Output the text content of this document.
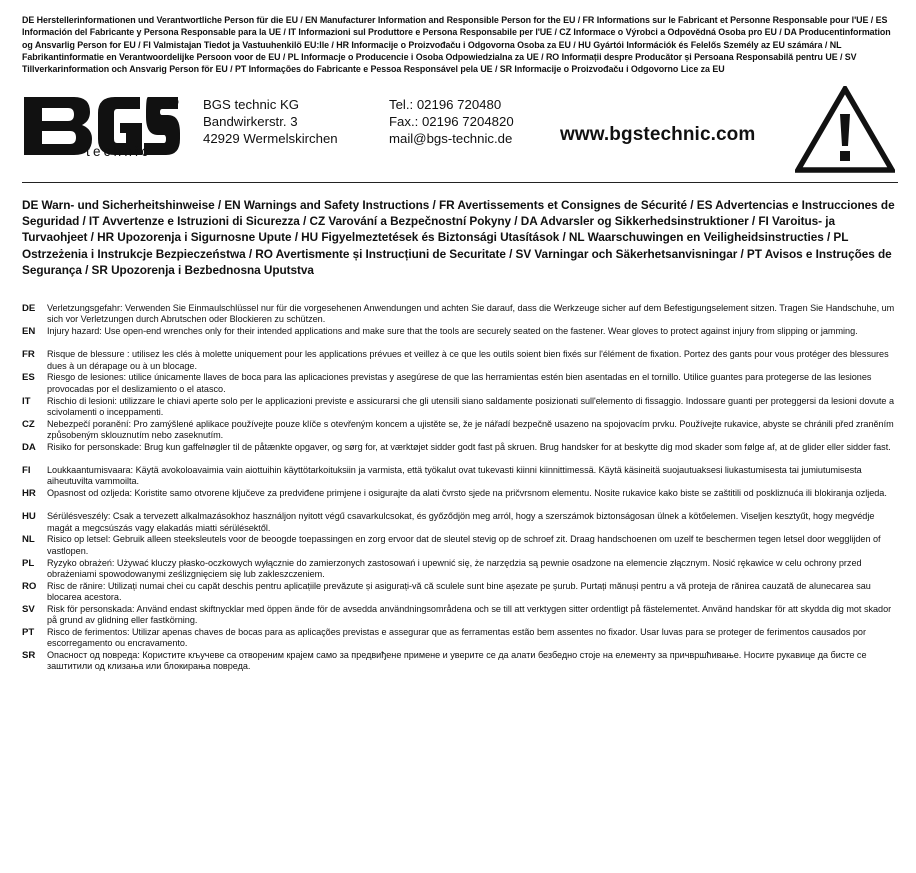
DE Herstellerinformationen und Verantwortliche Person für die EU / EN Manufacturer Information and Responsible Person for the EU / FR Informations sur le Fabricant et Personne Responsable pour l'UE / ES Información del Fabricante y Persona Responsable para la UE / IT Informazioni sul Produttore e Persona Responsabile per l'UE / CZ Informace o Výrobci a Odpovědná Osoba pro EU / DA Producentinformation og Ansvarlig Person for EU / FI Valmistajan Tiedot ja Vastuuhenkilö EU:lle / HR Informacije o Proizvođaču i Odgovorna Osoba za EU / HU Gyártói Információk és Felelős Személy az EU számára / NL Fabrikantinformatie en Verantwoordelijke Persoon voor de EU / PL Informacje o Producencie i Osoba Odpowiedzialna za UE / RO Informații despre Producător și Persoana Responsabilă pentru UE / SV Tillverkarinformation och Ansvarig Person för EU / PT Informações do Fabricante e Pessoa Responsável pela UE / SR Informacije o Proizvođaču i Odgovorno Lice za EU

®
technic
BGS technic KG
Bandwirkerstr. 3
42929 Wermelskirchen
Tel.: 02196 720480
Fax.: 02196 7204820
mail@bgs-technic.de	www.bgstechnic.com
DE Warn- und Sicherheitshinweise / EN Warnings and Safety Instructions / FR Avertissements et Consignes de Sécurité / ES Advertencias e Instrucciones de Seguridad / IT Avvertenze e Istruzioni di Sicurezza / CZ Varování a Bezpečnostní Pokyny / DA Advarsler og Sikkerhedsinstruktioner / FI Varoitus- ja Turvaohjeet / HR Upozorenja i Sigurnosne Upute / HU Figyelmeztetések és Biztonsági Utasítások / NL Waarschuwingen en Veiligheidsinstructies / PL Ostrzeżenia i Instrukcje Bezpieczeństwa / RO Avertismente și Instrucțiuni de Securitate / SV Varningar och Säkerhetsanvisningar / PT Avisos e Instruções de Segurança / SR Upozorenja i Bezbednosna Uputstva
DE	Verletzungsgefahr: Verwenden Sie Einmaulschlüssel nur für die vorgesehenen Anwendungen und achten Sie darauf, dass die Werkzeuge sicher auf dem Befestigungselement sitzen. Tragen Sie Handschuhe, um sich vor Verletzungen durch Abrutschen oder Blockieren zu schützen.
EN	Injury hazard: Use open-end wrenches only for their intended applications and make sure that the tools are securely seated on the fastener. Wear gloves to protect against injury from slipping or jamming.
FR	Risque de blessure : utilisez les clés à molette uniquement pour les applications prévues et veillez à ce que les outils soient bien fixés sur l'élément de fixation. Portez des gants pour vous protéger des blessures dues à un dérapage ou à un blocage.
ES	Riesgo de lesiones: utilice únicamente llaves de boca para las aplicaciones previstas y asegúrese de que las herramientas estén bien asentadas en el tornillo. Utilice guantes para protegerse de las lesiones provocadas por el deslizamiento o el atasco.
IT	Rischio di lesioni: utilizzare le chiavi aperte solo per le applicazioni previste e assicurarsi che gli utensili siano saldamente posizionati sull'elemento di fissaggio. Indossare guanti per proteggersi da lesioni dovute a scivolamenti o inceppamenti.
CZ	Nebezpečí poranění: Pro zamýšlené aplikace používejte pouze klíče s otevřeným koncem a ujistěte se, že je nářadí bezpečně usazeno na spojovacím prvku. Používejte rukavice, abyste se chránili před zraněním způsobeným sklouznutím nebo zaseknutím.
DA	Risiko for personskade: Brug kun gaffelnøgler til de påtænkte opgaver, og sørg for, at værktøjet sidder godt fast på skruen. Brug handsker for at beskytte dig mod skader som følge af, at de glider eller sidder fast.
FI	Loukkaantumisvaara: Käytä avokoloavaimia vain aiottuihin käyttötarkoituksiin ja varmista, että työkalut ovat tukevasti kiinni kiinnittimessä. Käytä käsineitä suojautuaksesi liukastumisesta tai jumiutumisesta aiheutuvilta vammoilta.
HR	Opasnost od ozljeda: Koristite samo otvorene ključeve za predviđene primjene i osigurajte da alati čvrsto sjede na pričvrsnom elementu. Nosite rukavice kako biste se zaštitili od poskliznuća ili blokiranja ozljeda.
HU	Sérülésveszély: Csak a tervezett alkalmazásokhoz használjon nyitott végű csavarkulcsokat, és győződjön meg arról, hogy a szerszámok biztonságosan ülnek a kötőelemen. Viseljen kesztyűt, hogy megvédje magát a megcsúszás vagy elakadás miatti sérülésektől.
NL	Risico op letsel: Gebruik alleen steeksleutels voor de beoogde toepassingen en zorg ervoor dat de sleutel stevig op de schroef zit. Draag handschoenen om uzelf te beschermen tegen letsel door wegglijden of vastlopen.
PL	Ryzyko obrażeń: Używać kluczy płasko-oczkowych wyłącznie do zamierzonych zastosowań i upewnić się, że narzędzia są pewnie osadzone na elemencie złącznym. Nosić rękawice w celu ochrony przed obrażeniami spowodowanymi ześlizgnięciem się lub zakleszczeniem.
RO	Risc de rănire: Utilizați numai chei cu capăt deschis pentru aplicațiile prevăzute și asigurați-vă că sculele sunt bine așezate pe șurub. Purtați mănuși pentru a vă proteja de rănirea cauzată de alunecarea sau blocarea acestora.
SV	Risk för personskada: Använd endast skiftnycklar med öppen ände för de avsedda användningsområdena och se till att verktygen sitter ordentligt på fästelementet. Använd handskar för att skydda dig mot skador på grund av glidning eller fastkörning.
PT	Risco de ferimentos: Utilizar apenas chaves de bocas para as aplicações previstas e assegurar que as ferramentas estão bem assentes no fixador. Usar luvas para se proteger de ferimentos causados por escorregamento ou encravamento.
SR	Опасност од повреда: Користите кључеве са отвореним крајем само за предвиђене примене и уверите се да алати безбедно стоје на елементу за причвршћивање. Носите рукавице да бисте се заштитили од клизања или блокирања повреда.
